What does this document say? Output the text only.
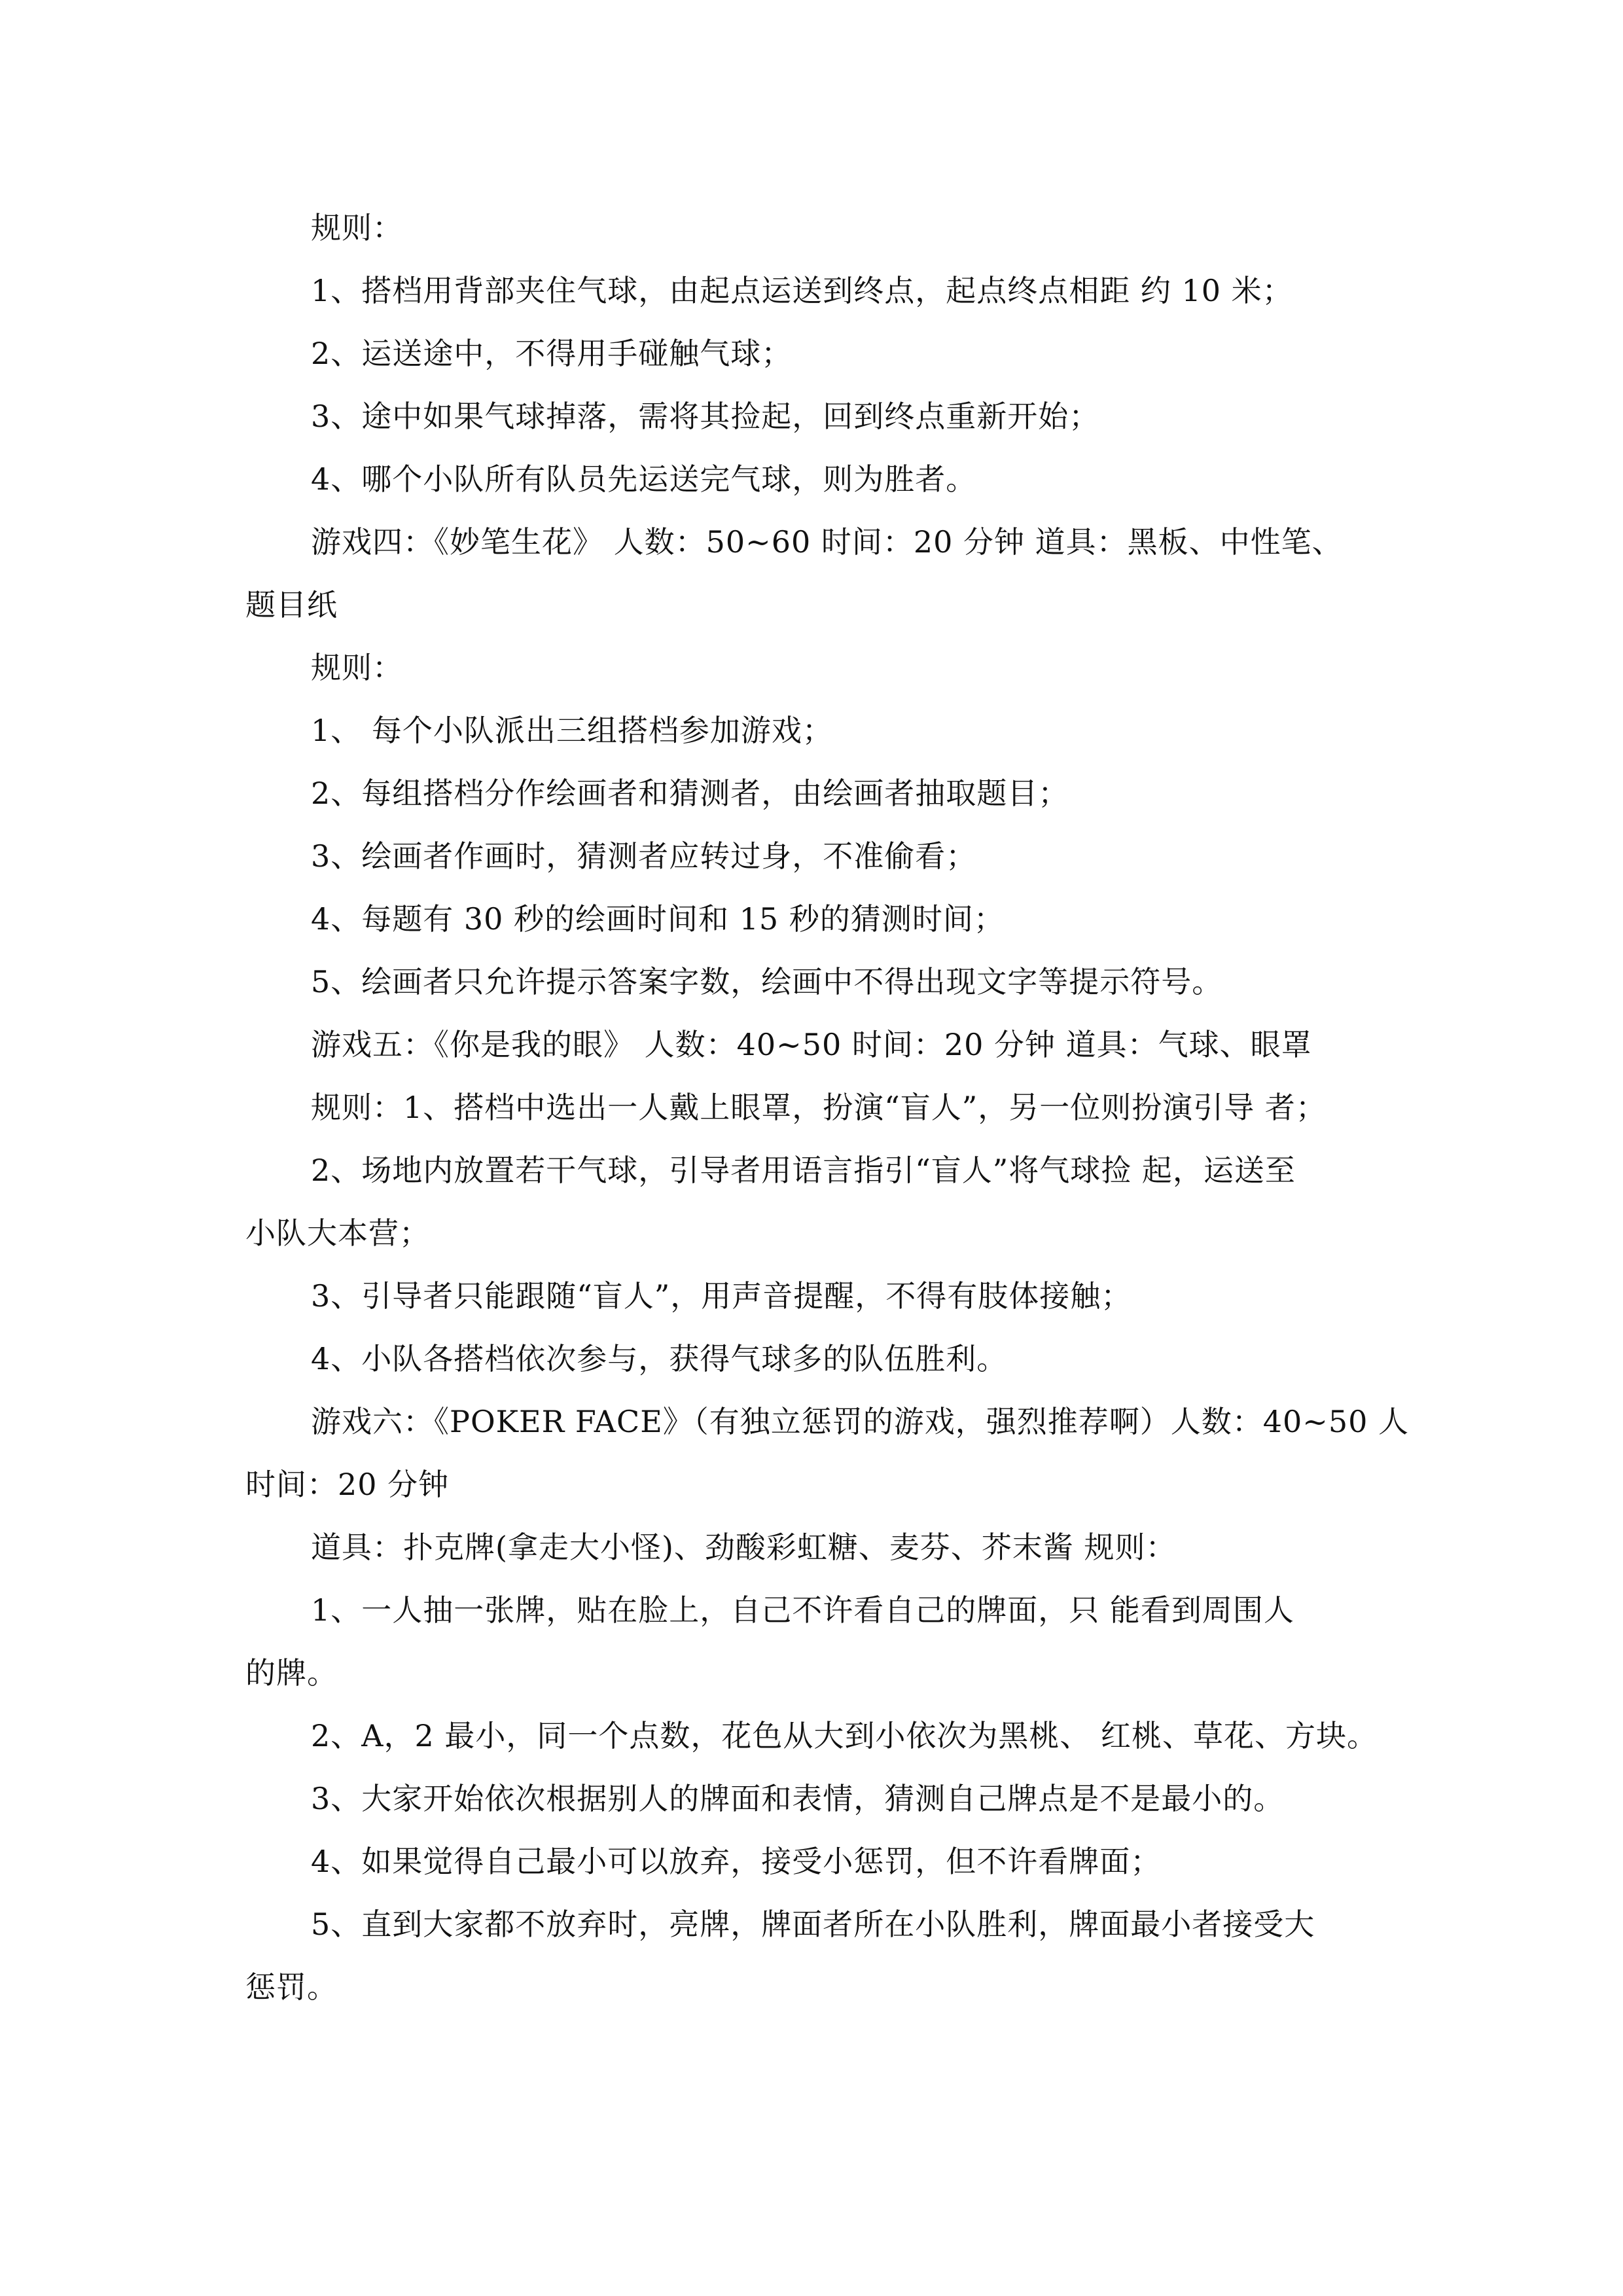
规则：
1、搭档用背部夹住气球，由起点运送到终点，起点终点相距 约 10 米；
2、运送途中，不得用手碰触气球；
3、途中如果气球掉落，需将其捡起，回到终点重新开始；
4、哪个小队所有队员先运送完气球，则为胜者。
游戏四：《妙笔生花》 人数：50~60 时间：20 分钟 道具：黑板、中性笔、
题目纸
规则：
1、 每个小队派出三组搭档参加游戏；
2、每组搭档分作绘画者和猜测者，由绘画者抽取题目；
3、绘画者作画时，猜测者应转过身，不准偷看；
4、每题有 30 秒的绘画时间和 15 秒的猜测时间；
5、绘画者只允许提示答案字数，绘画中不得出现文字等提示符号。
游戏五：《你是我的眼》 人数：40~50 时间：20 分钟 道具：气球、眼罩
规则：1、搭档中选出一人戴上眼罩，扮演“盲人”，另一位则扮演引导 者；
2、场地内放置若干气球，引导者用语言指引“盲人”将气球捡 起，运送至
小队大本营；
3、引导者只能跟随“盲人”，用声音提醒，不得有肢体接触；
4、小队各搭档依次参与，获得气球多的队伍胜利。
游戏六：《POKER FACE》（有独立惩罚的游戏，强烈推荐啊）人数：40~50 人
时间：20 分钟
道具：扑克牌(拿走大小怪)、劲酸彩虹糖、麦芬、芥末酱 规则：
1、一人抽一张牌，贴在脸上，自己不许看自己的牌面，只 能看到周围人
的牌。
2、A，2 最小，同一个点数，花色从大到小依次为黑桃、 红桃、草花、方块。
3、大家开始依次根据别人的牌面和表情，猜测自己牌点是不是最小的。
4、如果觉得自己最小可以放弃，接受小惩罚，但不许看牌面；
5、直到大家都不放弃时，亮牌，牌面者所在小队胜利，牌面最小者接受大
惩罚。
